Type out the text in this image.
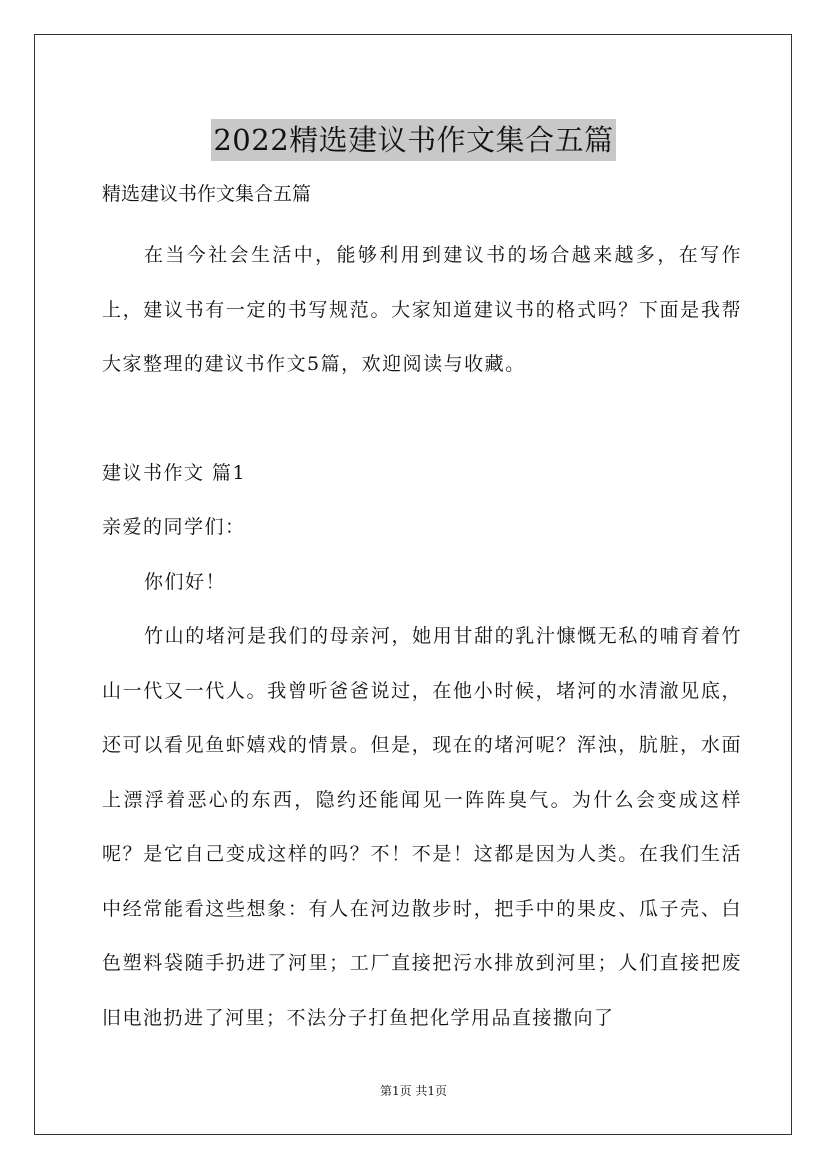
2022精选建议书作文集合五篇

精选建议书作文集合五篇

在当今社会生活中，能够利用到建议书的场合越来越多，在写作上，建议书有一定的书写规范。大家知道建议书的格式吗？下面是我帮大家整理的建议书作文5篇，欢迎阅读与收藏。

建议书作文 篇1

亲爱的同学们：

你们好！

竹山的堵河是我们的母亲河，她用甘甜的乳汁慷慨无私的哺育着竹山一代又一代人。我曾听爸爸说过，在他小时候，堵河的水清澈见底，还可以看见鱼虾嬉戏的情景。但是，现在的堵河呢？浑浊，肮脏，水面上漂浮着恶心的东西，隐约还能闻见一阵阵臭气。为什么会变成这样呢？是它自己变成这样的吗？不！不是！这都是因为人类。在我们生活中经常能看这些想象：有人在河边散步时，把手中的果皮、瓜子壳、白色塑料袋随手扔进了河里；工厂直接把污水排放到河里；人们直接把废旧电池扔进了河里；不法分子打鱼把化学用品直接撒向了

第1页 共1页
